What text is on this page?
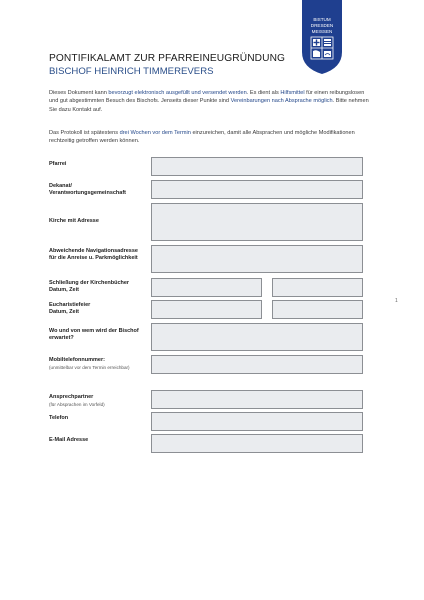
BISTUM
DRESDEN
MEISSEN
PONTIFIKALAMT ZUR PFARREINEUGRÜNDUNG
BISCHOF HEINRICH TIMMEREVERS
Dieses Dokument kann bevorzugt elektronisch ausgefüllt und versendet werden. Es dient als Hilfsmittel für einen reibungslosen und gut abgestimmten Besuch des Bischofs. Jenseits dieser Punkte sind Vereinbarungen nach Absprache möglich. Bitte nehmen Sie dazu Kontakt auf.
Das Protokoll ist spätestens drei Wochen vor dem Termin einzureichen, damit alle Absprachen und mögliche Modifikationen rechtzeitig getroffen werden können.
Pfarrei
Dekanat/
Verantwortungsgemeinschaft
Kirche mit Adresse
Abweichende Navigationsadresse
für die Anreise u. Parkmöglichkeit
Schließung der Kirchenbücher
Datum, Zeit
Eucharistiefeier
Datum, Zeit
Wo und von wem wird der Bischof
erwartet?
Mobiltelefonnummer:
(unmittelbar vor dem Termin erreichbar)
Ansprechpartner
(für Absprachen im Vorfeld)
Telefon
E-Mail Adresse
1
